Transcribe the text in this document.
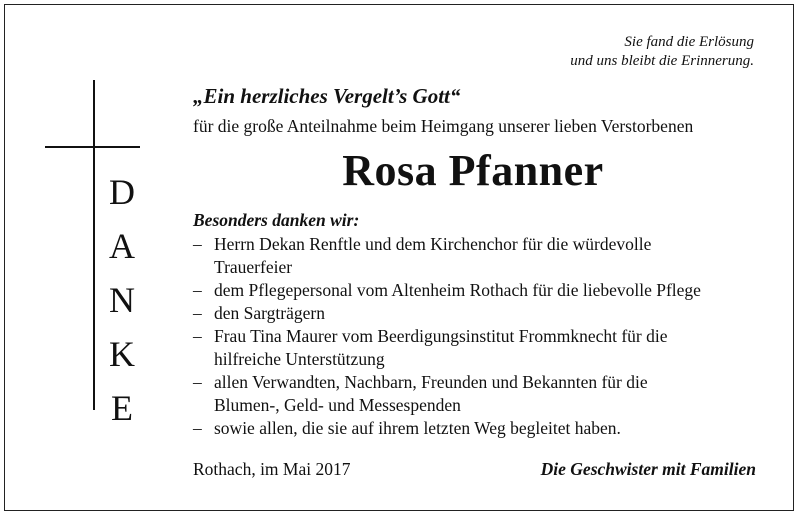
D
A
N
K
E
Sie fand die Erlösung
und uns bleibt die Erinnerung.
„Ein herzliches Vergelt’s Gott“
für die große Anteilnahme beim Heimgang unserer lieben Verstorbenen
Rosa Pfanner
Besonders danken wir:
– Herrn Dekan Renftle und dem Kirchenchor für die würdevolle
Trauerfeier
– dem Pflegepersonal vom Altenheim Rothach für die liebevolle Pflege
– den Sargträgern
– Frau Tina Maurer vom Beerdigungsinstitut Frommknecht für die
hilfreiche Unterstützung
– allen Verwandten, Nachbarn, Freunden und Bekannten für die
Blumen-, Geld- und Messespenden
– sowie allen, die sie auf ihrem letzten Weg begleitet haben.
Rothach, im Mai 2017	Die Geschwister mit Familien
